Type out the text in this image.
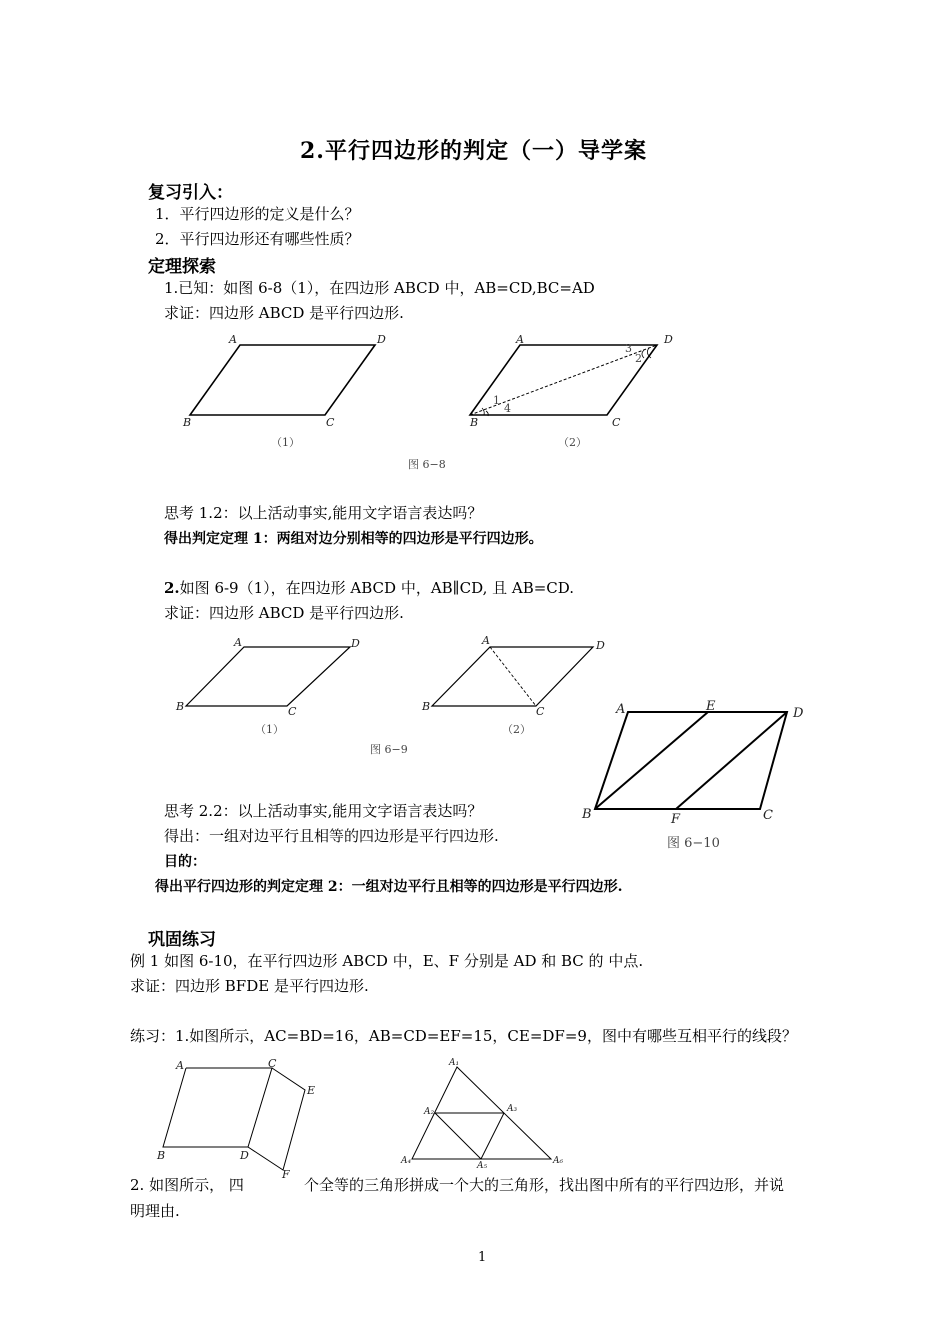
2.平行四边形的判定（一）导学案
复习引入：
1．平行四边形的定义是什么？
2．平行四边形还有哪些性质？
定理探索
1.已知：如图 6-8（1），在四边形 ABCD 中，AB=CD,BC=AD
求证：四边形 ABCD 是平行四边形.
A	D
B	C
（1）
A	D
B	C
3
2
1
4
（2）
图 6−8
思考 1.2：以上活动事实,能用文字语言表达吗？
得出判定定理 1：两组对边分别相等的四边形是平行四边形。
2.如图 6-9（1），在四边形 ABCD 中，AB∥CD, 且 AB=CD.
求证：四边形 ABCD 是平行四边形.
A	D
B	C
（1）
A	D
B	C
（2）
图 6−9
A	E	D
B	F	C
图 6−10
思考 2.2：以上活动事实,能用文字语言表达吗？
得出：一组对边平行且相等的四边形是平行四边形.
目的：
得出平行四边形的判定定理 2：一组对边平行且相等的四边形是平行四边形.
巩固练习
例 1 如图 6-10，在平行四边形 ABCD 中，E、F 分别是 AD 和 BC 的 中点.
求证：四边形 BFDE 是平行四边形.
练习：1.如图所示，AC=BD=16，AB=CD=EF=15，CE=DF=9，图中有哪些互相平行的线段？
A	C
E
B	D
F
A₁
A₂	A₃
A₄	A₅	A₆
2. 如图所示， 四	个全等的三角形拼成一个大的三角形，找出图中所有的平行四边形，并说
明理由.
1
